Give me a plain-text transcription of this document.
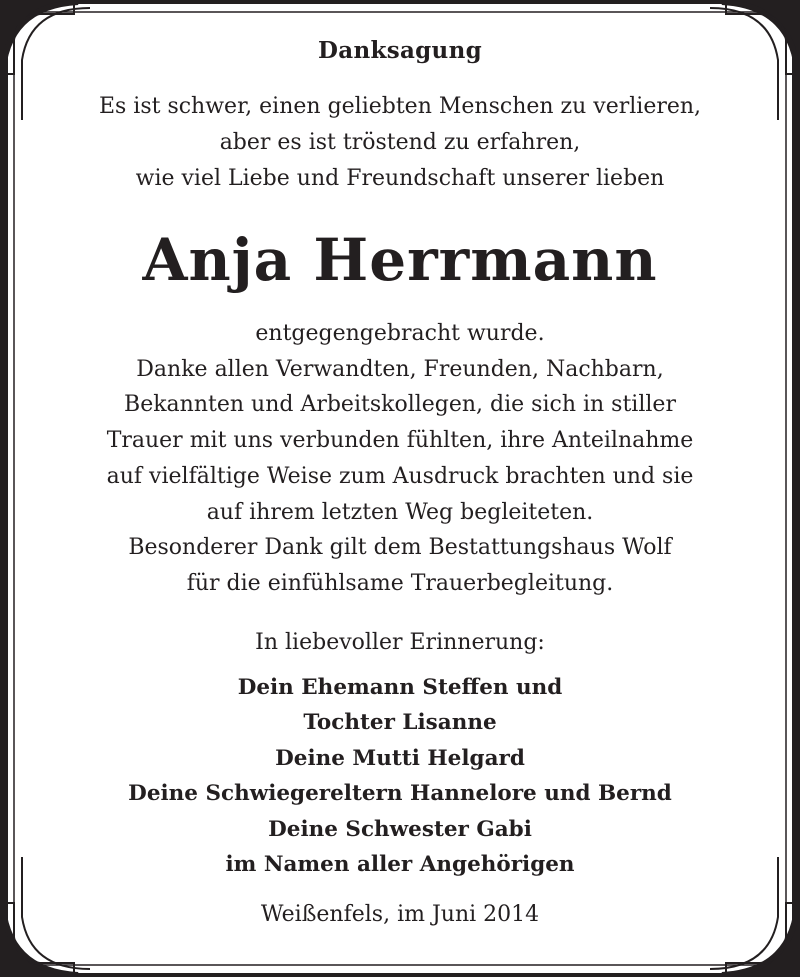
Danksagung

Es ist schwer, einen geliebten Menschen zu verlieren,
aber es ist tröstend zu erfahren,
wie viel Liebe und Freundschaft unserer lieben

Anja Herrmann

entgegengebracht wurde.
Danke allen Verwandten, Freunden, Nachbarn,
Bekannten und Arbeitskollegen, die sich in stiller
Trauer mit uns verbunden fühlten, ihre Anteilnahme
auf vielfältige Weise zum Ausdruck brachten und sie
auf ihrem letzten Weg begleiteten.
Besonderer Dank gilt dem Bestattungshaus Wolf
für die einfühlsame Trauerbegleitung.

In liebevoller Erinnerung:

Dein Ehemann Steffen und
Tochter Lisanne
Deine Mutti Helgard
Deine Schwiegereltern Hannelore und Bernd
Deine Schwester Gabi
im Namen aller Angehörigen

Weißenfels, im Juni 2014
